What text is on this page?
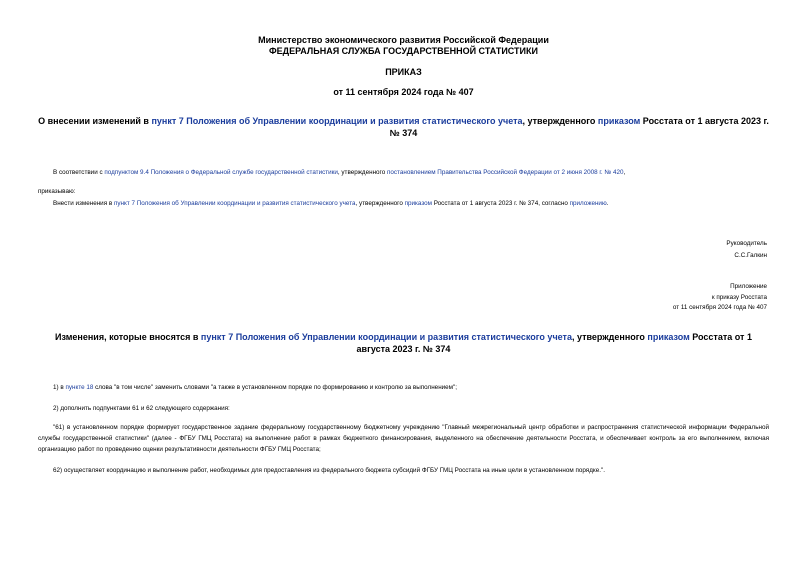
Министерство экономического развития Российской Федерации
ФЕДЕРАЛЬНАЯ СЛУЖБА ГОСУДАРСТВЕННОЙ СТАТИСТИКИ
ПРИКАЗ
от 11 сентября 2024 года № 407
О внесении изменений в пункт 7 Положения об Управлении координации и развития статистического учета, утвержденного приказом Росстата от 1 августа 2023 г. № 374
В соответствии с подпунктом 9.4 Положения о Федеральной службе государственной статистики, утвержденного постановлением Правительства Российской Федерации от 2 июня 2008 г. № 420,
приказываю:
Внести изменения в пункт 7 Положения об Управлении координации и развития статистического учета, утвержденного приказом Росстата от 1 августа 2023 г. № 374, согласно приложению.
Руководитель
С.С.Галкин
Приложение
к приказу Росстата
от 11 сентября 2024 года № 407
Изменения, которые вносятся в пункт 7 Положения об Управлении координации и развития статистического учета, утвержденного приказом Росстата от 1 августа 2023 г. № 374
1) в пункте 18 слова "в том числе" заменить словами "а также в установленном порядке по формированию и контролю за выполнением";
2) дополнить подпунктами 61 и 62 следующего содержания:
"61) в установленном порядке формирует государственное задание федеральному государственному бюджетному учреждению "Главный межрегиональный центр обработки и распространения статистической информации Федеральной службы государственной статистики" (далее - ФГБУ ГМЦ Росстата) на выполнение работ в рамках бюджетного финансирования, выделенного на обеспечение деятельности Росстата, и обеспечивает контроль за его выполнением, включая организацию работ по проведению оценки результативности деятельности ФГБУ ГМЦ Росстата;
62) осуществляет координацию и выполнение работ, необходимых для предоставления из федерального бюджета субсидий ФГБУ ГМЦ Росстата на иные цели в установленном порядке.".
